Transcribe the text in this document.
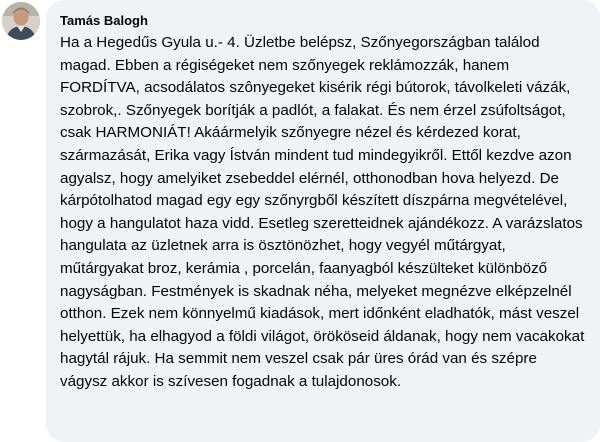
Tamás Balogh

Ha a Hegedűs Gyula u.- 4. Üzletbe belépsz, Szőnyegországban találod magad. Ebben a régiségeket nem szőnyegek reklámozzák, hanem FORDÍTVA, acsodálatos szônyegeket kisérik régi bútorok, távolkeleti vázák, szobrok,. Szőnyegek borítják a padlót, a falakat. És nem érzel zsúfoltságot, csak HARMONIÁT! Akáármelyik szőnyegre nézel és kérdezed korat, származását, Erika vagy Ístván mindent tud mindegyikről. Ettől kezdve azon agyalsz, hogy amelyiket zsebeddel elérnél, otthonodban hova helyezd. De kárpótolhatod magad egy egy szőnyrgből készített díszpárna megvételével, hogy a hangulatot haza vidd. Esetleg szeretteidnek ajándékozz. A varázslatos hangulata az üzletnek arra is ösztönözhet, hogy vegyél műtárgyat, műtárgyakat broz, kerámia , porcelán, faanyagból készülteket különböző nagyságban. Festmények is skadnak néha, melyeket megnézve elképzelnél otthon. Ezek nem könnyelmű kiadások, mert időnként eladhatók, mást veszel helyettük, ha elhagyod a földi világot, örököseid áldanak, hogy nem vacakokat hagytál rájuk. Ha semmit nem veszel csak pár üres órád van és szépre vágysz akkor is szívesen fogadnak a tulajdonosok.
